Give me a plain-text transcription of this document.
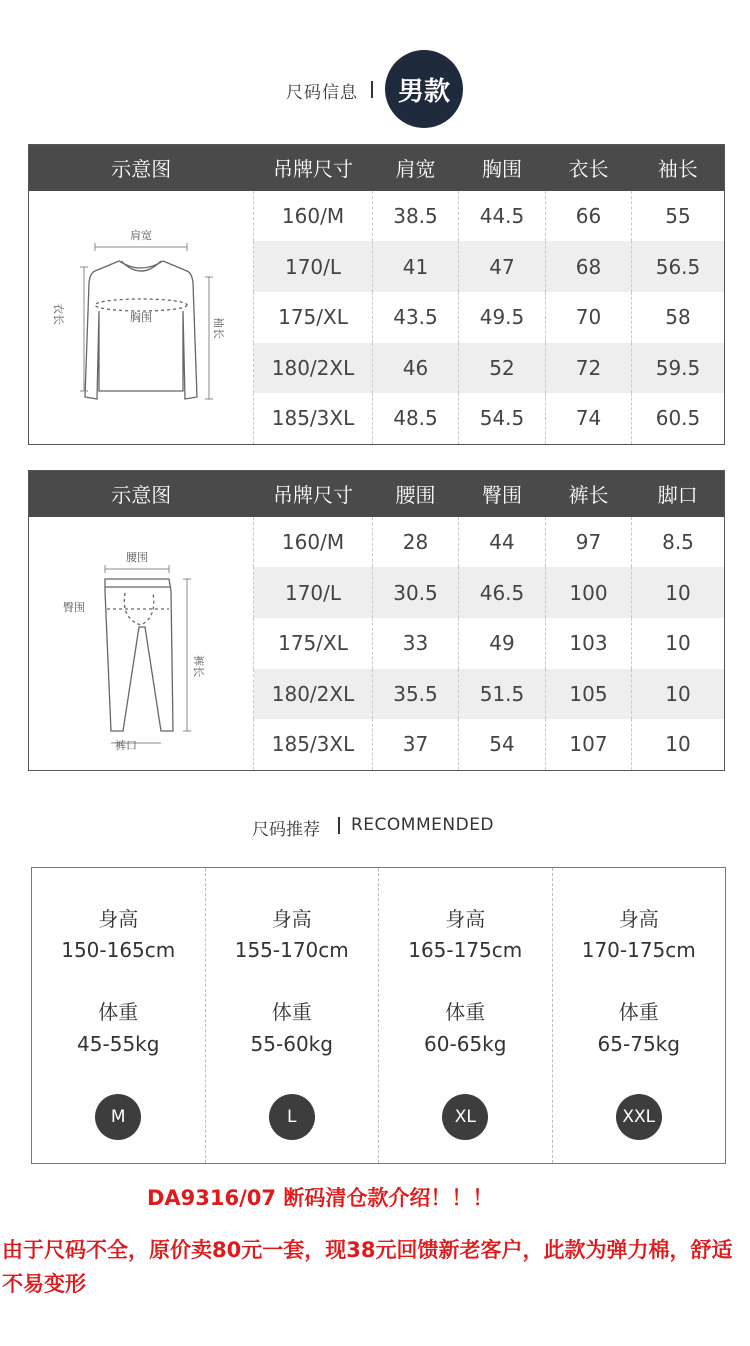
尺码信息	男款
示意图	吊牌尺寸	肩宽	胸围	衣长	袖长

肩宽
胸围
衣长
袖长	160/M	38.5	44.5	66	55
	170/L	41	47	68	56.5
	175/XL	43.5	49.5	70	58
	180/2XL	46	52	72	59.5
	185/3XL	48.5	54.5	74	60.5
示意图	吊牌尺寸	腰围	臀围	裤长	脚口

腰围
臀围
裤长
裤口	160/M	28	44	97	8.5
	170/L	30.5	46.5	100	10
	175/XL	33	49	103	10
	180/2XL	35.5	51.5	105	10
	185/3XL	37	54	107	10
尺码推荐 RECOMMENDED
身高
150-165cm
体重
45-55kg
M
身高
155-170cm
体重
55-60kg
L
身高
165-175cm
体重
60-65kg
XL
身高
170-175cm
体重
65-75kg
XXL
DA9316/07 断码清仓款介绍！！！
由于尺码不全，原价卖80元一套，现38元回馈新老客户，此款为弹力棉，舒适不易变形
